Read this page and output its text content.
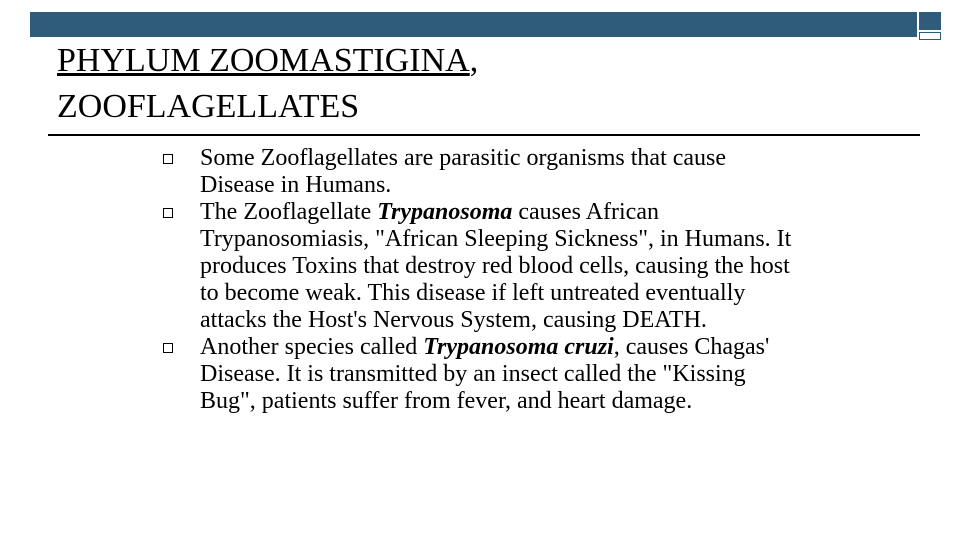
PHYLUM ZOOMASTIGINA,
ZOOFLAGELLATES
Some Zooflagellates are parasitic organisms that cause Disease in Humans.
The Zooflagellate Trypanosoma causes African Trypanosomiasis, "African Sleeping Sickness", in Humans. It produces Toxins that destroy red blood cells, causing the host to become weak. This disease if left untreated eventually attacks the Host's Nervous System, causing DEATH.
Another species called Trypanosoma cruzi, causes Chagas' Disease. It is transmitted by an insect called the "Kissing Bug", patients suffer from fever, and heart damage.
